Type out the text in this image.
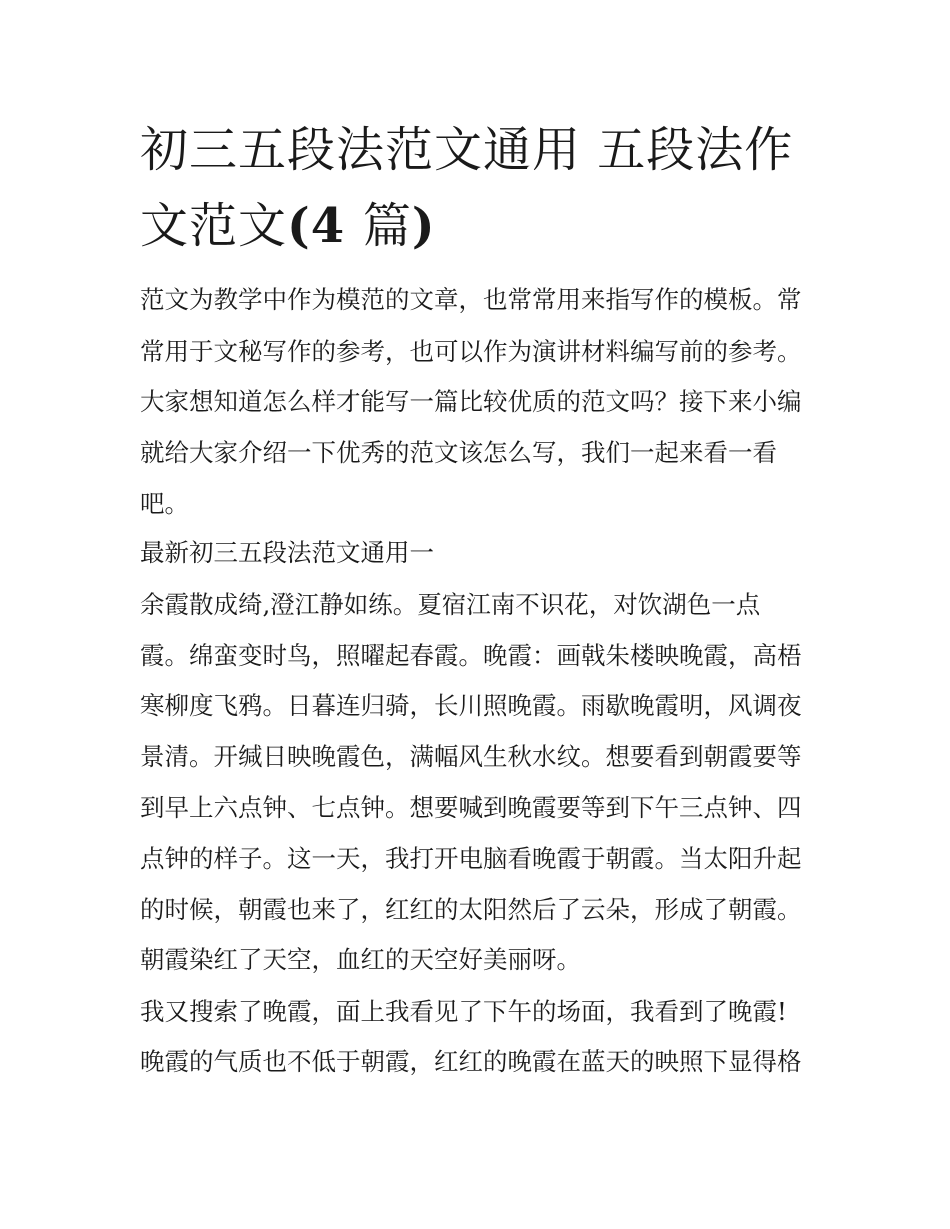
初三五段法范文通用 五段法作
文范文(4 篇)

范文为教学中作为模范的文章，也常常用来指写作的模板。常

常用于文秘写作的参考，也可以作为演讲材料编写前的参考。

大家想知道怎么样才能写一篇比较优质的范文吗？接下来小编

就给大家介绍一下优秀的范文该怎么写，我们一起来看一看

吧。

最新初三五段法范文通用一

余霞散成绮,澄江静如练。夏宿江南不识花，对饮湖色一点

霞。绵蛮变时鸟，照曜起春霞。晚霞：画戟朱楼映晚霞，高梧

寒柳度飞鸦。日暮连归骑，长川照晚霞。雨歇晚霞明，风调夜

景清。开缄日映晚霞色，满幅风生秋水纹。想要看到朝霞要等

到早上六点钟、七点钟。想要喊到晚霞要等到下午三点钟、四

点钟的样子。这一天，我打开电脑看晚霞于朝霞。当太阳升起

的时候，朝霞也来了，红红的太阳然后了云朵，形成了朝霞。

朝霞染红了天空，血红的天空好美丽呀。

我又搜索了晚霞，面上我看见了下午的场面，我看到了晚霞!

晚霞的气质也不低于朝霞，红红的晚霞在蓝天的映照下显得格
